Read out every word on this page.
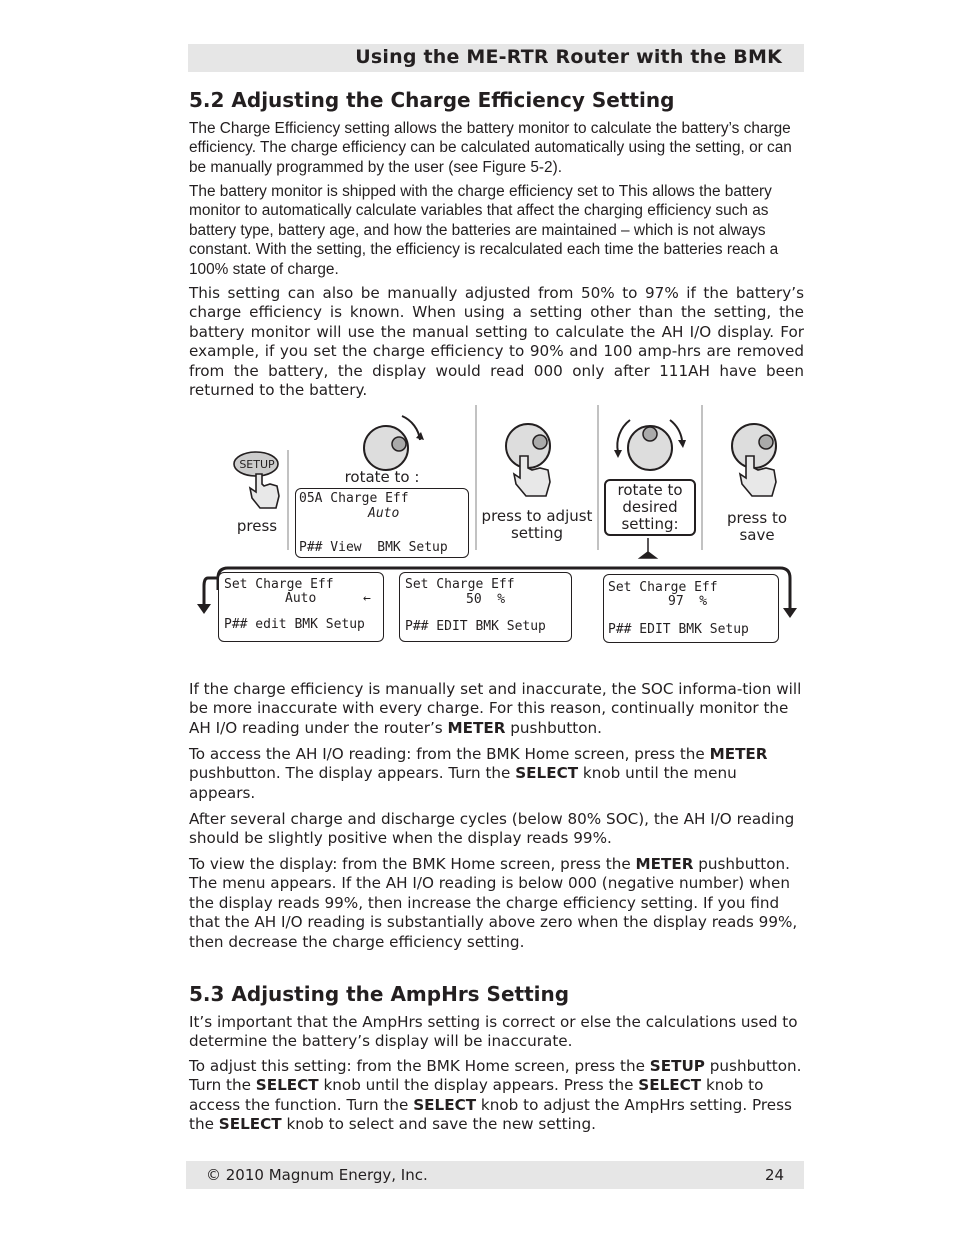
Using the ME-RTR Router with the BMK
5.2 Adjusting the Charge Efficiency Setting

The Charge Efficiency setting allows the battery monitor to calculate the battery’s charge efficiency. The charge efficiency can be calculated automatically using the setting, or can be manually programmed by the user (see Figure 5-2).

The battery monitor is shipped with the charge efficiency set to This allows the battery monitor to automatically calculate variables that affect the charging efficiency such as battery type, battery age, and how the batteries are maintained – which is not always constant. With the setting, the efficiency is recalculated each time the batteries reach a 100% state of charge.

This setting can also be manually adjusted from 50% to 97% if the battery’s charge efficiency is known. When using a setting other than the setting, the battery monitor will use the manual setting to calculate the AH I/O display. For example, if you set the charge efficiency to 90% and 100 amp-hrs are removed from the battery, the display would read 000 only after 111AH have been returned to the battery.

SETUP
press
rotate to :
press to adjust setting
rotate to desired setting:	press to save
05A Charge Eff
Auto
P## View  BMK Setup
Set Charge Eff
Auto	←
P## edit BMK Setup
Set Charge Eff
50  %
P## EDIT BMK Setup
Set Charge Eff
97  %
P## EDIT BMK Setup

If the charge efficiency is manually set and inaccurate, the SOC informa-tion will be more inaccurate with every charge. For this reason, continually monitor the AH I/O reading under the router’s METER pushbutton.

To access the AH I/O reading: from the BMK Home screen, press the METER pushbutton. The display appears. Turn the SELECT knob until the menu appears.

After several charge and discharge cycles (below 80% SOC), the AH I/O reading should be slightly positive when the display reads 99%.

To view the display: from the BMK Home screen, press the METER pushbutton. The menu appears. If the AH I/O reading is below 000 (negative number) when the display reads 99%, then increase the charge efficiency setting. If you find that the AH I/O reading is substantially above zero when the display reads 99%, then decrease the charge efficiency setting.

5.3 Adjusting the AmpHrs Setting

It’s important that the AmpHrs setting is correct or else the calculations used to determine the battery’s display will be inaccurate.

To adjust this setting: from the BMK Home screen, press the SETUP pushbutton. Turn the SELECT knob until the display appears. Press the SELECT knob to access the function. Turn the SELECT knob to adjust the AmpHrs setting. Press the SELECT knob to select and save the new setting.

© 2010 Magnum Energy, Inc.	24
